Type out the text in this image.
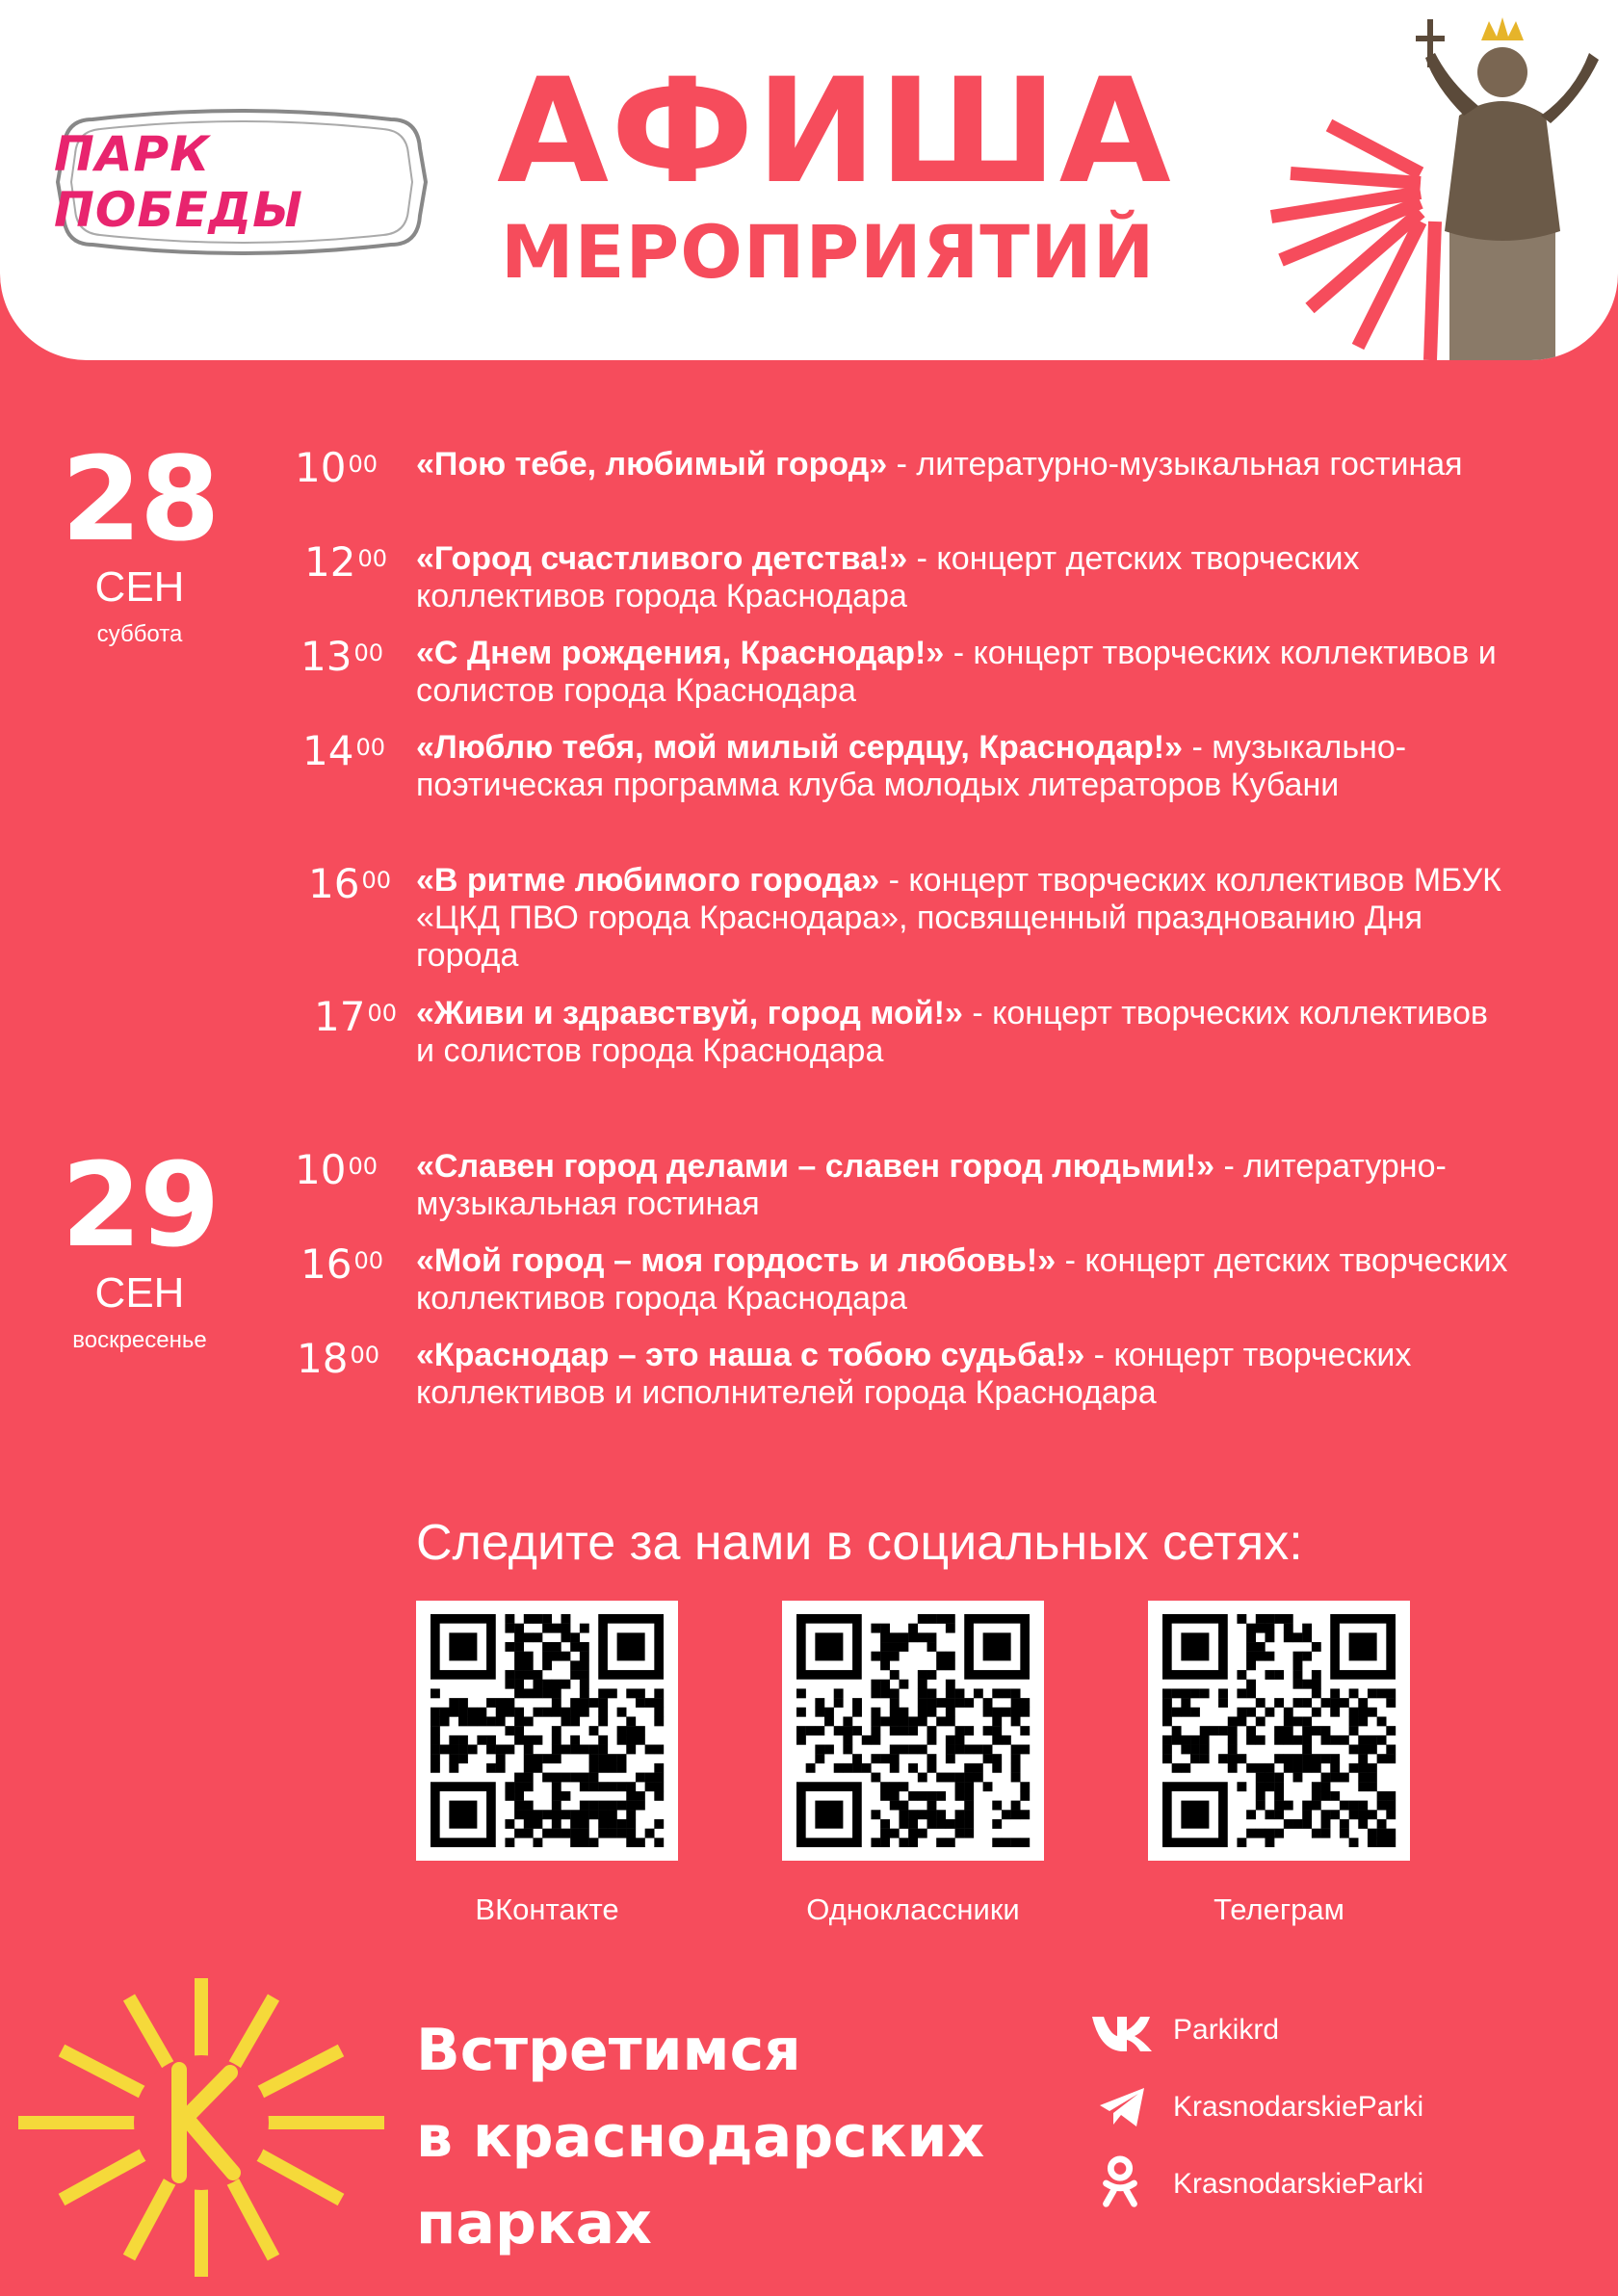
ПАРК ПОБЕДЫ	АФИША
МЕРОПРИЯТИЙ
28
СЕН
суббота
$10^{00}$ «Пою тебе, любимый город» - литературно-музыкальная гостиная
$12^{00}$ «Город счастливого детства!» - концерт детских творческих коллективов города Краснодара
$13^{00}$ «С Днем рождения, Краснодар!» - концерт творческих коллективов и солистов города Краснодара
$14^{00}$ «Люблю тебя, мой милый сердцу, Краснодар!» - музыкально-поэтическая программа клуба молодых литераторов Кубани
$16^{00}$ «В ритме любимого города» - концерт творческих коллективов МБУК «ЦКД ПВО города Краснодара», посвященный празднованию Дня города
$17^{00}$ «Живи и здравствуй, город мой!» - концерт творческих коллективов и солистов города Краснодара
29
СЕН
воскресенье
$10^{00}$ «Славен город делами – славен город людьми!» - литературно-музыкальная гостиная
$16^{00}$ «Мой город – моя гордость и любовь!» - концерт детских творческих коллективов города Краснодара
$18^{00}$ «Краснодар – это наша с тобою судьба!» - концерт творческих коллективов и исполнителей города Краснодара
Следите за нами в социальных сетях:
ВКонтакте	Одноклассники	Телеграм
Встретимся
в краснодарских
парках
Parkikrd
KrasnodarskieParki
KrasnodarskieParki
